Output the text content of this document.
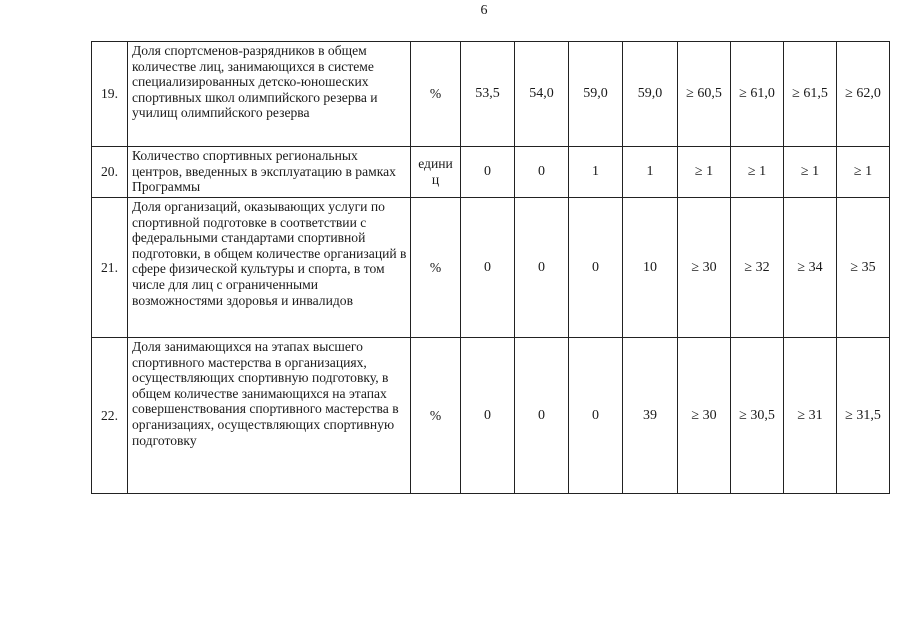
6
19.	Доля спортсменов-разрядников в общем количестве лиц, занимающихся в системе специализированных детско-юношеских спортивных школ олимпийского резерва и училищ олимпийского резерва	%	53,5	54,0	59,0	59,0	≥ 60,5	≥ 61,0	≥ 61,5	≥ 62,0
20.	Количество спортивных региональных центров, введенных в эксплуатацию в рамках Программы	единиц	0	0	1	1	≥ 1	≥ 1	≥ 1	≥ 1
21.	Доля организаций, оказывающих услуги по спортивной подготовке в соответствии с федеральными стандартами спортивной подготовки, в общем количестве организаций в сфере физической культуры и спорта, в том числе для лиц с ограниченными возможностями здоровья и инвалидов	%	0	0	0	10	≥ 30	≥ 32	≥ 34	≥ 35
22.	Доля занимающихся на этапах высшего спортивного мастерства в организациях, осуществляющих спортивную подготовку, в общем количестве занимающихся на этапах совершенствования спортивного мастерства в организациях, осуществляющих спортивную подготовку	%	0	0	0	39	≥ 30	≥ 30,5	≥ 31	≥ 31,5
